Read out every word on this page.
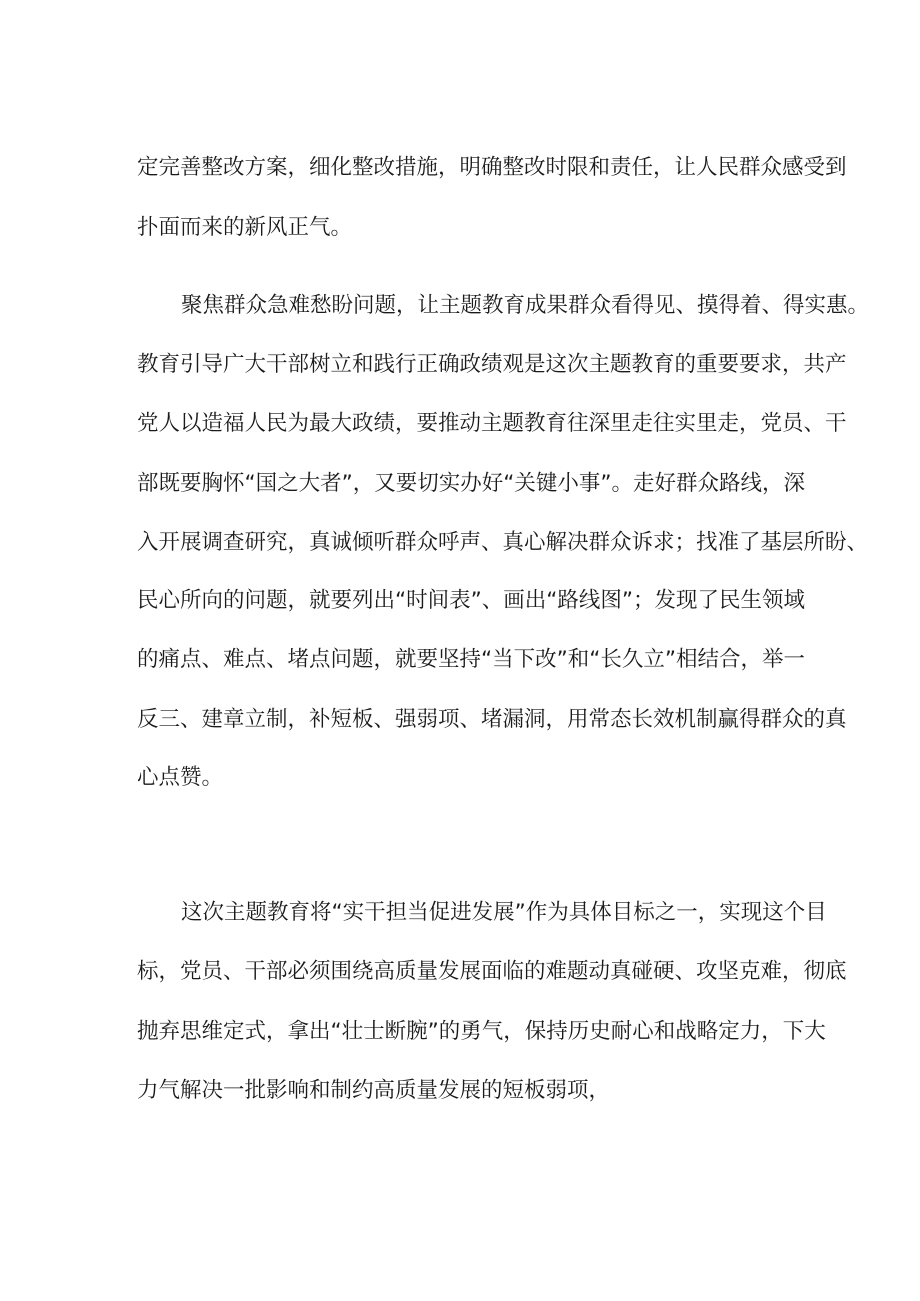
定完善整改方案，细化整改措施，明确整改时限和责任，让人民群众感受到
扑面而来的新风正气。
聚焦群众急难愁盼问题，让主题教育成果群众看得见、摸得着、得实惠。
教育引导广大干部树立和践行正确政绩观是这次主题教育的重要要求，共产
党人以造福人民为最大政绩，要推动主题教育往深里走往实里走，党员、干
部既要胸怀“国之大者”，又要切实办好“关键小事”。走好群众路线，深
入开展调查研究，真诚倾听群众呼声、真心解决群众诉求；找准了基层所盼、
民心所向的问题，就要列出“时间表”、画出“路线图”；发现了民生领域
的痛点、难点、堵点问题，就要坚持“当下改”和“长久立”相结合，举一
反三、建章立制，补短板、强弱项、堵漏洞，用常态长效机制赢得群众的真
心点赞。
这次主题教育将“实干担当促进发展”作为具体目标之一，实现这个目
标，党员、干部必须围绕高质量发展面临的难题动真碰硬、攻坚克难，彻底
抛弃思维定式，拿出“壮士断腕”的勇气，保持历史耐心和战略定力，下大
力气解决一批影响和制约高质量发展的短板弱项，
